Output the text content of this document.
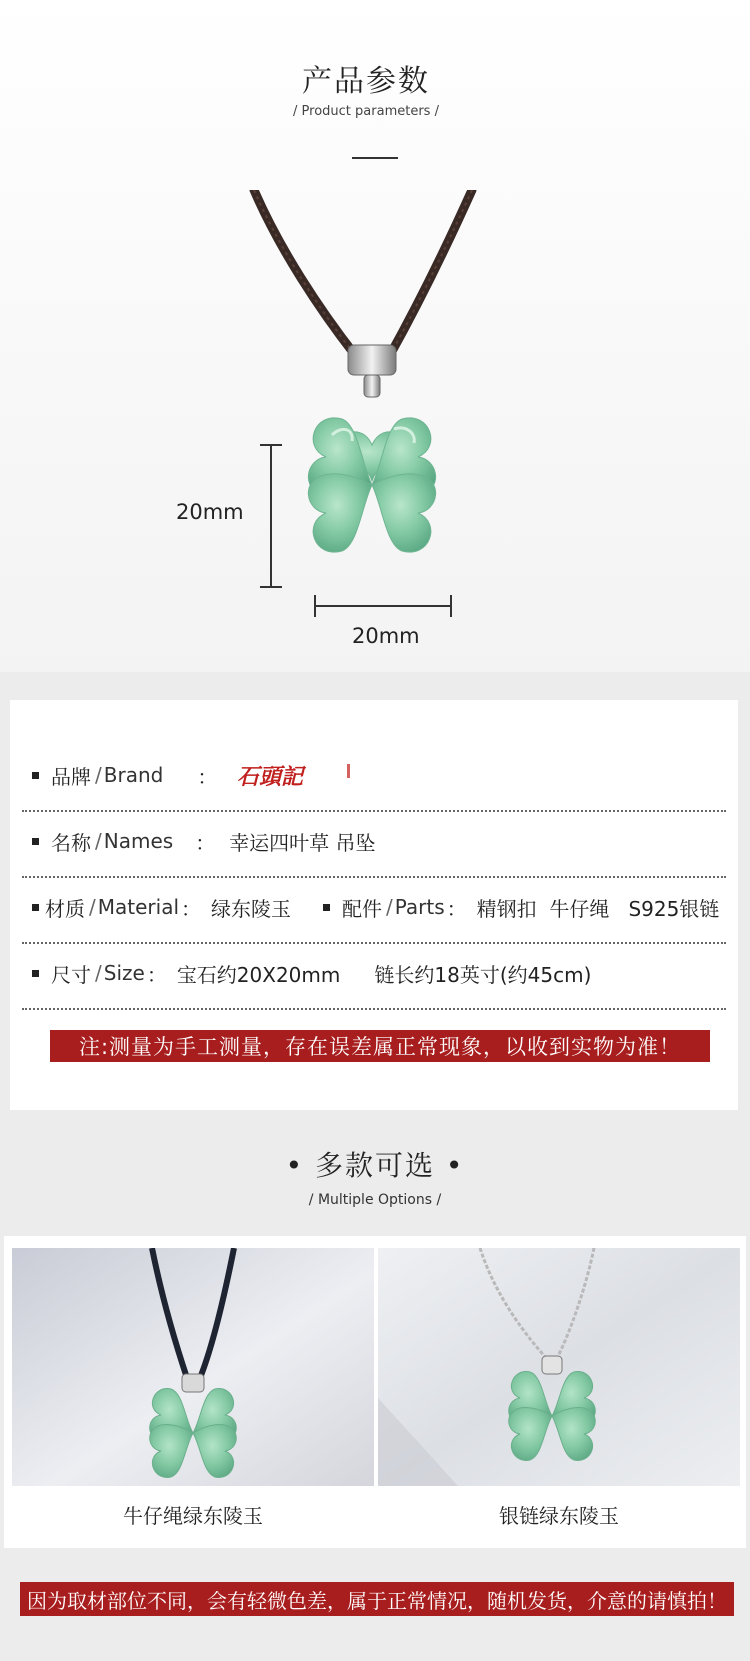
产品参数
/ Product parameters /
20mm
20mm
品牌 / Brand ： 石頭記
名称 / Names ： 幸运四叶草 吊坠
材质 / Material ： 绿东陵玉	配件 / Parts ： 精钢扣  牛仔绳   S925银链
尺寸 / Size ： 宝石约20X20mm 链长约18英寸(约45cm)
注:测量为手工测量，存在误差属正常现象，以收到实物为准！
• 多款可选 •
/ Multiple Options /
牛仔绳绿东陵玉	银链绿东陵玉
因为取材部位不同，会有轻微色差，属于正常情况，随机发货，介意的请慎拍！
